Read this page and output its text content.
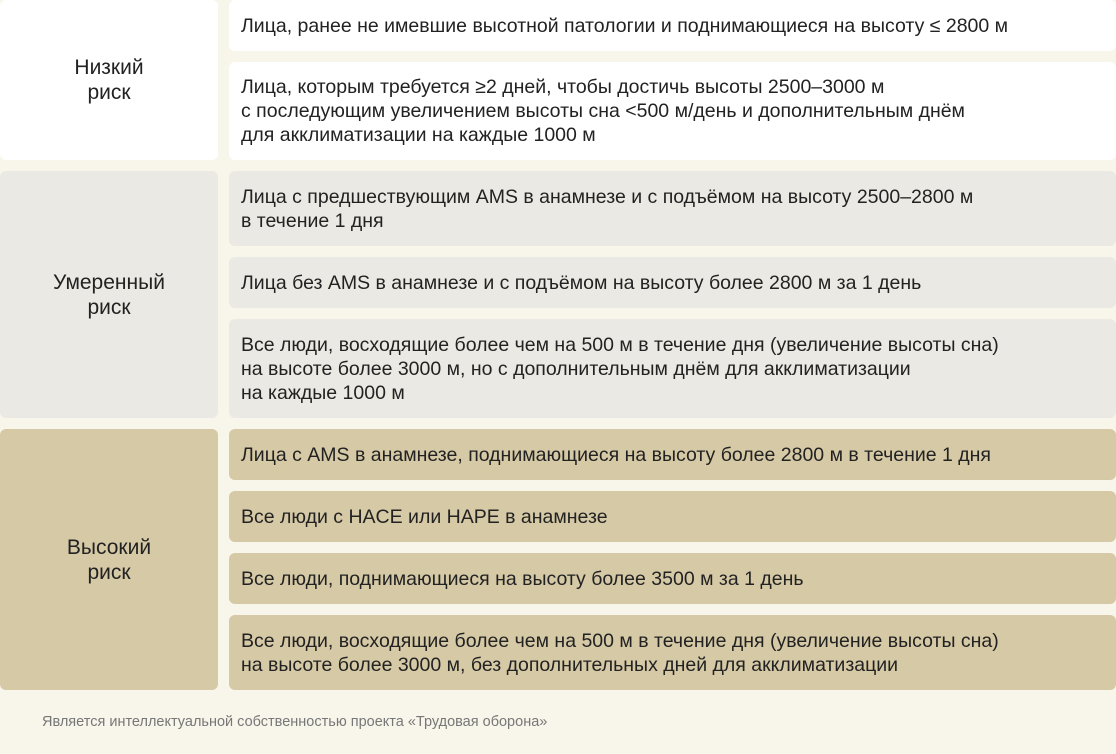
Низкий
риск
Лица, ранее не имевшие высотной патологии и поднимающиеся на высоту ≤ 2800 м
Лица, которым требуется ≥2 дней, чтобы достичь высоты 2500–3000 м
с последующим увеличением высоты сна <500 м/день и дополнительным днём
для акклиматизации на каждые 1000 м
Умеренный
риск
Лица с предшествующим AMS в анамнезе и с подъёмом на высоту 2500–2800 м
в течение 1 дня
Лица без AMS в анамнезе и с подъёмом на высоту более 2800 м за 1 день
Все люди, восходящие более чем на 500 м в течение дня (увеличение высоты сна)
на высоте более 3000 м, но с дополнительным днём для акклиматизации
на каждые 1000 м
Высокий
риск
Лица с AMS в анамнезе, поднимающиеся на высоту более 2800 м в течение 1 дня
Все люди с HACE или HAPE в анамнезе
Все люди, поднимающиеся на высоту более 3500 м за 1 день
Все люди, восходящие более чем на 500 м в течение дня (увеличение высоты сна)
на высоте более 3000 м, без дополнительных дней для акклиматизации
Является интеллектуальной собственностью проекта «Трудовая оборона»
